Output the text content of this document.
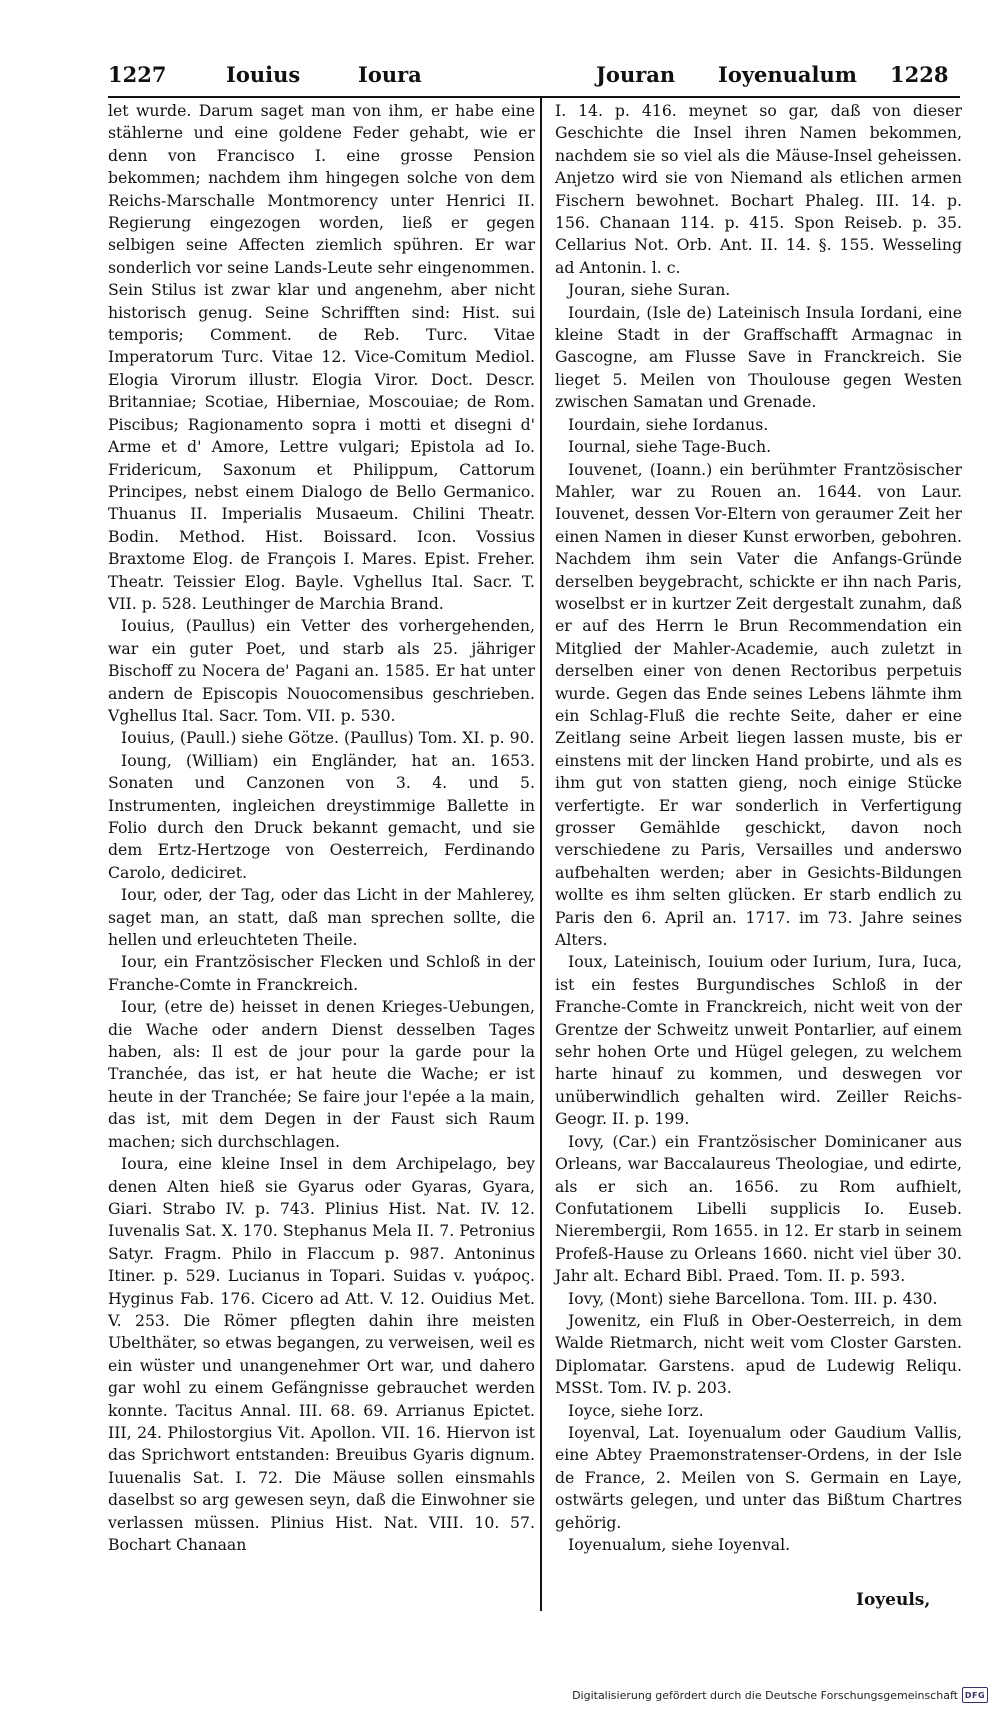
1227	Iouius	Ioura	Jouran Ioyenualum 1228

let wurde. Darum saget man von ihm, er habe eine stählerne und eine goldene Feder gehabt, wie er denn von Francisco I. eine grosse Pension bekommen; nachdem ihm hingegen solche von dem Reichs-Marschalle Montmorency unter Henrici II. Regierung eingezogen worden, ließ er gegen selbigen seine Affecten ziemlich spühren. Er war sonderlich vor seine Lands-Leute sehr eingenommen. Sein Stilus ist zwar klar und angenehm, aber nicht historisch genug. Seine Schrifften sind: Hist. sui temporis; Comment. de Reb. Turc. Vitae Imperatorum Turc. Vitae 12. Vice-Comitum Mediol. Elogia Virorum illustr. Elogia Viror. Doct. Descr. Britanniae; Scotiae, Hiberniae, Moscouiae; de Rom. Piscibus; Ragionamento sopra i motti et disegni d' Arme et d' Amore, Lettre vulgari; Epistola ad Io. Fridericum, Saxonum et Philippum, Cattorum Principes, nebst einem Dialogo de Bello Germanico. Thuanus II. Imperialis Musaeum. Chilini Theatr. Bodin. Method. Hist. Boissard. Icon. Vossius Braxtome Elog. de François I. Mares. Epist. Freher. Theatr. Teissier Elog. Bayle. Vghellus Ital. Sacr. T. VII. p. 528. Leuthinger de Marchia Brand.

Iouius, (Paullus) ein Vetter des vorhergehenden, war ein guter Poet, und starb als 25. jähriger Bischoff zu Nocera de' Pagani an. 1585. Er hat unter andern de Episcopis Nouocomensibus geschrieben. Vghellus Ital. Sacr. Tom. VII. p. 530.

Iouius, (Paull.) siehe Götze. (Paullus) Tom. XI. p. 90.

Ioung, (William) ein Engländer, hat an. 1653. Sonaten und Canzonen von 3. 4. und 5. Instrumenten, ingleichen dreystimmige Ballette in Folio durch den Druck bekannt gemacht, und sie dem Ertz-Hertzoge von Oesterreich, Ferdinando Carolo, dediciret.

Iour, oder, der Tag, oder das Licht in der Mahlerey, saget man, an statt, daß man sprechen sollte, die hellen und erleuchteten Theile.

Iour, ein Frantzösischer Flecken und Schloß in der Franche-Comte in Franckreich.

Iour, (etre de) heisset in denen Krieges-Uebungen, die Wache oder andern Dienst desselben Tages haben, als: Il est de jour pour la garde pour la Tranchée, das ist, er hat heute die Wache; er ist heute in der Tranchée; Se faire jour l'epée a la main, das ist, mit dem Degen in der Faust sich Raum machen; sich durchschlagen.

Ioura, eine kleine Insel in dem Archipelago, bey denen Alten hieß sie Gyarus oder Gyaras, Gyara, Giari. Strabo IV. p. 743. Plinius Hist. Nat. IV. 12. Iuvenalis Sat. X. 170. Stephanus Mela II. 7. Petronius Satyr. Fragm. Philo in Flaccum p. 987. Antoninus Itiner. p. 529. Lucianus in Topari. Suidas v. γυάρος. Hyginus Fab. 176. Cicero ad Att. V. 12. Ouidius Met. V. 253. Die Römer pflegten dahin ihre meisten Ubelthäter, so etwas begangen, zu verweisen, weil es ein wüster und unangenehmer Ort war, und dahero gar wohl zu einem Gefängnisse gebrauchet werden konnte. Tacitus Annal. III. 68. 69. Arrianus Epictet. III, 24. Philostorgius Vit. Apollon. VII. 16. Hiervon ist das Sprichwort entstanden: Breuibus Gyaris dignum. Iuuenalis Sat. I. 72. Die Mäuse sollen einsmahls daselbst so arg gewesen seyn, daß die Einwohner sie verlassen müssen. Plinius Hist. Nat. VIII. 10. 57. Bochart Chanaan

I. 14. p. 416. meynet so gar, daß von dieser Geschichte die Insel ihren Namen bekommen, nachdem sie so viel als die Mäuse-Insel geheissen. Anjetzo wird sie von Niemand als etlichen armen Fischern bewohnet. Bochart Phaleg. III. 14. p. 156. Chanaan 114. p. 415. Spon Reiseb. p. 35. Cellarius Not. Orb. Ant. II. 14. §. 155. Wesseling ad Antonin. l. c.

Jouran, siehe Suran.

Iourdain, (Isle de) Lateinisch Insula Iordani, eine kleine Stadt in der Graffschafft Armagnac in Gascogne, am Flusse Save in Franckreich. Sie lieget 5. Meilen von Thoulouse gegen Westen zwischen Samatan und Grenade.

Iourdain, siehe Iordanus.

Iournal, siehe Tage-Buch.

Iouvenet, (Ioann.) ein berühmter Frantzösischer Mahler, war zu Rouen an. 1644. von Laur. Iouvenet, dessen Vor-Eltern von geraumer Zeit her einen Namen in dieser Kunst erworben, gebohren. Nachdem ihm sein Vater die Anfangs-Gründe derselben beygebracht, schickte er ihn nach Paris, woselbst er in kurtzer Zeit dergestalt zunahm, daß er auf des Herrn le Brun Recommendation ein Mitglied der Mahler-Academie, auch zuletzt in derselben einer von denen Rectoribus perpetuis wurde. Gegen das Ende seines Lebens lähmte ihm ein Schlag-Fluß die rechte Seite, daher er eine Zeitlang seine Arbeit liegen lassen muste, bis er einstens mit der lincken Hand probirte, und als es ihm gut von statten gieng, noch einige Stücke verfertigte. Er war sonderlich in Verfertigung grosser Gemählde geschickt, davon noch verschiedene zu Paris, Versailles und anderswo aufbehalten werden; aber in Gesichts-Bildungen wollte es ihm selten glücken. Er starb endlich zu Paris den 6. April an. 1717. im 73. Jahre seines Alters.

Ioux, Lateinisch, Iouium oder Iurium, Iura, Iuca, ist ein festes Burgundisches Schloß in der Franche-Comte in Franckreich, nicht weit von der Grentze der Schweitz unweit Pontarlier, auf einem sehr hohen Orte und Hügel gelegen, zu welchem harte hinauf zu kommen, und deswegen vor unüberwindlich gehalten wird. Zeiller Reichs-Geogr. II. p. 199.

Iovy, (Car.) ein Frantzösischer Dominicaner aus Orleans, war Baccalaureus Theologiae, und edirte, als er sich an. 1656. zu Rom aufhielt, Confutationem Libelli supplicis Io. Euseb. Nierembergii, Rom 1655. in 12. Er starb in seinem Profeß-Hause zu Orleans 1660. nicht viel über 30. Jahr alt. Echard Bibl. Praed. Tom. II. p. 593.

Iovy, (Mont) siehe Barcellona. Tom. III. p. 430.

Jowenitz, ein Fluß in Ober-Oesterreich, in dem Walde Rietmarch, nicht weit vom Closter Garsten. Diplomatar. Garstens. apud de Ludewig Reliqu. MSSt. Tom. IV. p. 203.

Ioyce, siehe Iorz.

Ioyenval, Lat. Ioyenualum oder Gaudium Vallis, eine Abtey Praemonstratenser-Ordens, in der Isle de France, 2. Meilen von S. Germain en Laye, ostwärts gelegen, und unter das Bißtum Chartres gehörig.

Ioyenualum, siehe Ioyenval.

Ioyeuls,
Digitalisierung gefördert durch die Deutsche Forschungsgemeinschaft DFG
